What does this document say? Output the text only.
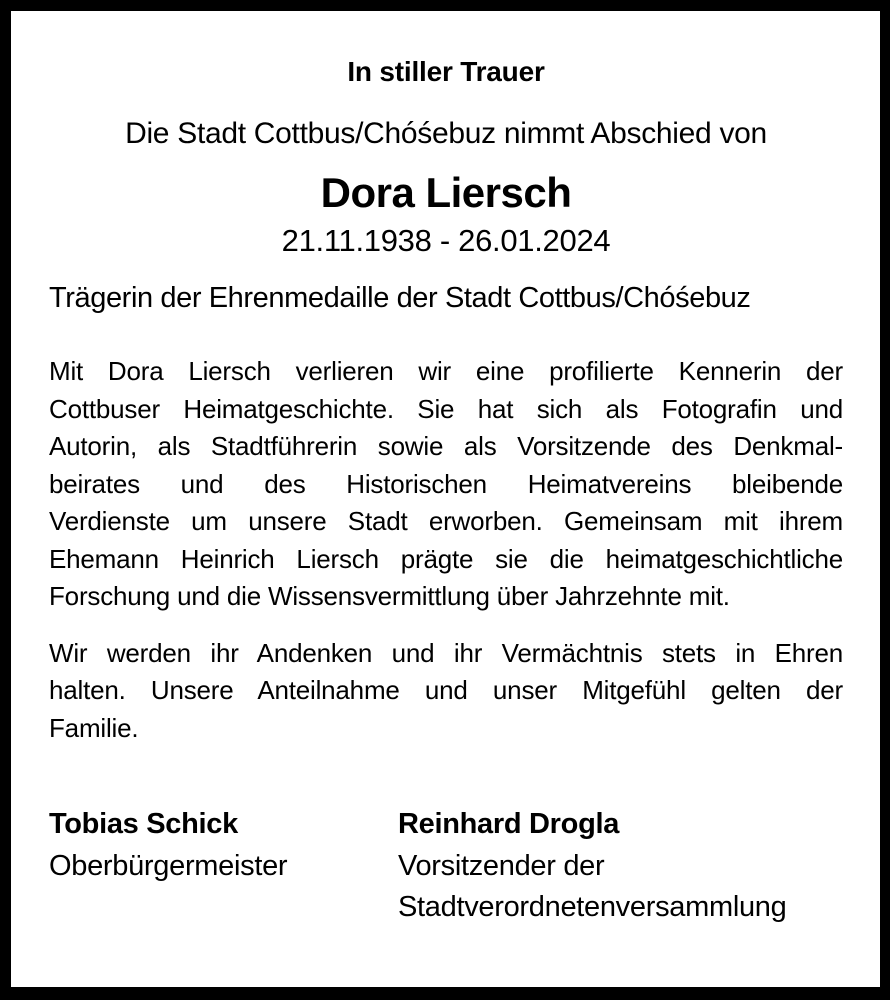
In stiller Trauer
Die Stadt Cottbus/Chóśebuz nimmt Abschied von
Dora Liersch
21.11.1938 - 26.01.2024
Trägerin der Ehrenmedaille der Stadt Cottbus/Chóśebuz
Mit Dora Liersch verlieren wir eine profilierte Kennerin der
Cottbuser Heimatgeschichte. Sie hat sich als Fotografin und
Autorin, als Stadtführerin sowie als Vorsitzende des Denkmal-
beirates und des Historischen Heimatvereins bleibende
Verdienste um unsere Stadt erworben. Gemeinsam mit ihrem
Ehemann Heinrich Liersch prägte sie die heimatgeschichtliche
Forschung und die Wissensvermittlung über Jahrzehnte mit.
Wir werden ihr Andenken und ihr Vermächtnis stets in Ehren
halten. Unsere Anteilnahme und unser Mitgefühl gelten der
Familie.
Tobias Schick
Oberbürgermeister
Reinhard Drogla
Vorsitzender der Stadtverordnetenversammlung
